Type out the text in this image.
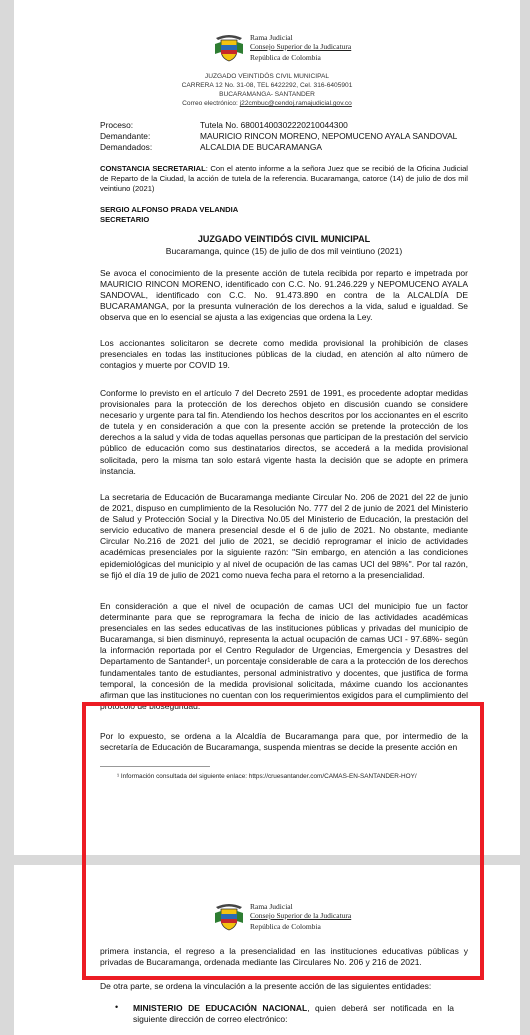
Rama Judicial
Consejo Superior de la Judicatura
República de Colombia
JUZGADO VEINTIDÓS CIVIL MUNICIPAL
CARRERA 12 No. 31-08, TEL 6422292, Cel. 316-6405901
BUCARAMANGA- SANTANDER
Correo electrónico: j22cmbuc@cendoj.ramajudicial.gov.co
Proceso:	Tutela No. 68001400302220210044300
Demandante:	MAURICIO RINCON MORENO, NEPOMUCENO AYALA SANDOVAL
Demandados:	ALCALDIA DE BUCARAMANGA
CONSTANCIA SECRETARIAL: Con el atento informe a la señora Juez que se recibió de la Oficina Judicial de Reparto de la Ciudad, la acción de tutela de la referencia. Bucaramanga, catorce (14) de julio de dos mil veintiuno (2021)
SERGIO ALFONSO PRADA VELANDIA
SECRETARIO
JUZGADO VEINTIDÓS CIVIL MUNICIPAL
Bucaramanga, quince (15) de julio de dos mil veintiuno (2021)
Se avoca el conocimiento de la presente acción de tutela recibida por reparto e impetrada por MAURICIO RINCON MORENO, identificado con C.C. No. 91.246.229 y NEPOMUCENO AYALA SANDOVAL, identificado con C.C. No. 91.473.890 en contra de la ALCALDÍA DE BUCARAMANGA, por la presunta vulneración de los derechos a la vida, salud e igualdad. Se observa que en lo esencial se ajusta a las exigencias que ordena la Ley.
Los accionantes solicitaron se decrete como medida provisional la prohibición de clases presenciales en todas las instituciones públicas de la ciudad, en atención al alto número de contagios y muerte por COVID 19.
Conforme lo previsto en el artículo 7 del Decreto 2591 de 1991, es procedente adoptar medidas provisionales para la protección de los derechos objeto en discusión cuando se considere necesario y urgente para tal fin. Atendiendo los hechos descritos por los accionantes en el escrito de tutela y en consideración a que con la presente acción se pretende la protección de los derechos a la salud y vida de todas aquellas personas que participan de la prestación del servicio público de educación como sus destinatarios directos, se accederá a la medida provisional solicitada, pero la misma tan solo estará vigente hasta la decisión que se adopte en primera instancia.
La secretaria de Educación de Bucaramanga mediante Circular No. 206 de 2021 del 22 de junio de 2021, dispuso en cumplimiento de la Resolución No. 777 del 2 de junio de 2021 del Ministerio de Salud y Protección Social y la Directiva No.05 del Ministerio de Educación, la prestación del servicio educativo de manera presencial desde el 6 de julio de 2021. No obstante, mediante Circular No.216 de 2021 del julio de 2021, se decidió reprogramar el inicio de actividades académicas presenciales por la siguiente razón: "Sin embargo, en atención a las condiciones epidemiológicas del municipio y al nivel de ocupación de las camas UCI del 98%". Por tal razón, se fijó el día 19 de julio de 2021 como nueva fecha para el retorno a la presencialidad.
En consideración a que el nivel de ocupación de camas UCI del municipio fue un factor determinante para que se reprogramara la fecha de inicio de las actividades académicas presenciales en las sedes educativas de las instituciones públicas y privadas del municipio de Bucaramanga, si bien disminuyó, representa la actual ocupación de camas UCI - 97.68%- según la información reportada por el Centro Regulador de Urgencias, Emergencia y Desastres del Departamento de Santander¹, un porcentaje considerable de cara a la protección de los derechos fundamentales tanto de estudiantes, personal administrativo y docentes, que justifica de forma temporal, la concesión de la medida provisional solicitada, máxime cuando los accionantes afirman que las instituciones no cuentan con los requerimientos exigidos para el cumplimiento del protocolo de bioseguridad.
Por lo expuesto, se ordena a la Alcaldía de Bucaramanga para que, por intermedio de la secretaría de Educación de Bucaramanga, suspenda mientras se decide la presente acción en
¹ Información consultada del siguiente enlace: https://cruesantander.com/CAMAS-EN-SANTANDER-HOY/
Rama Judicial
Consejo Superior de la Judicatura
República de Colombia
primera instancia, el regreso a la presencialidad en las instituciones educativas públicas y privadas de Bucaramanga, ordenada mediante las Circulares No. 206 y 216 de 2021.
De otra parte, se ordena la vinculación a la presente acción de las siguientes entidades:
• MINISTERIO DE EDUCACIÓN NACIONAL, quien deberá ser notificada en la siguiente dirección de correo electrónico:
